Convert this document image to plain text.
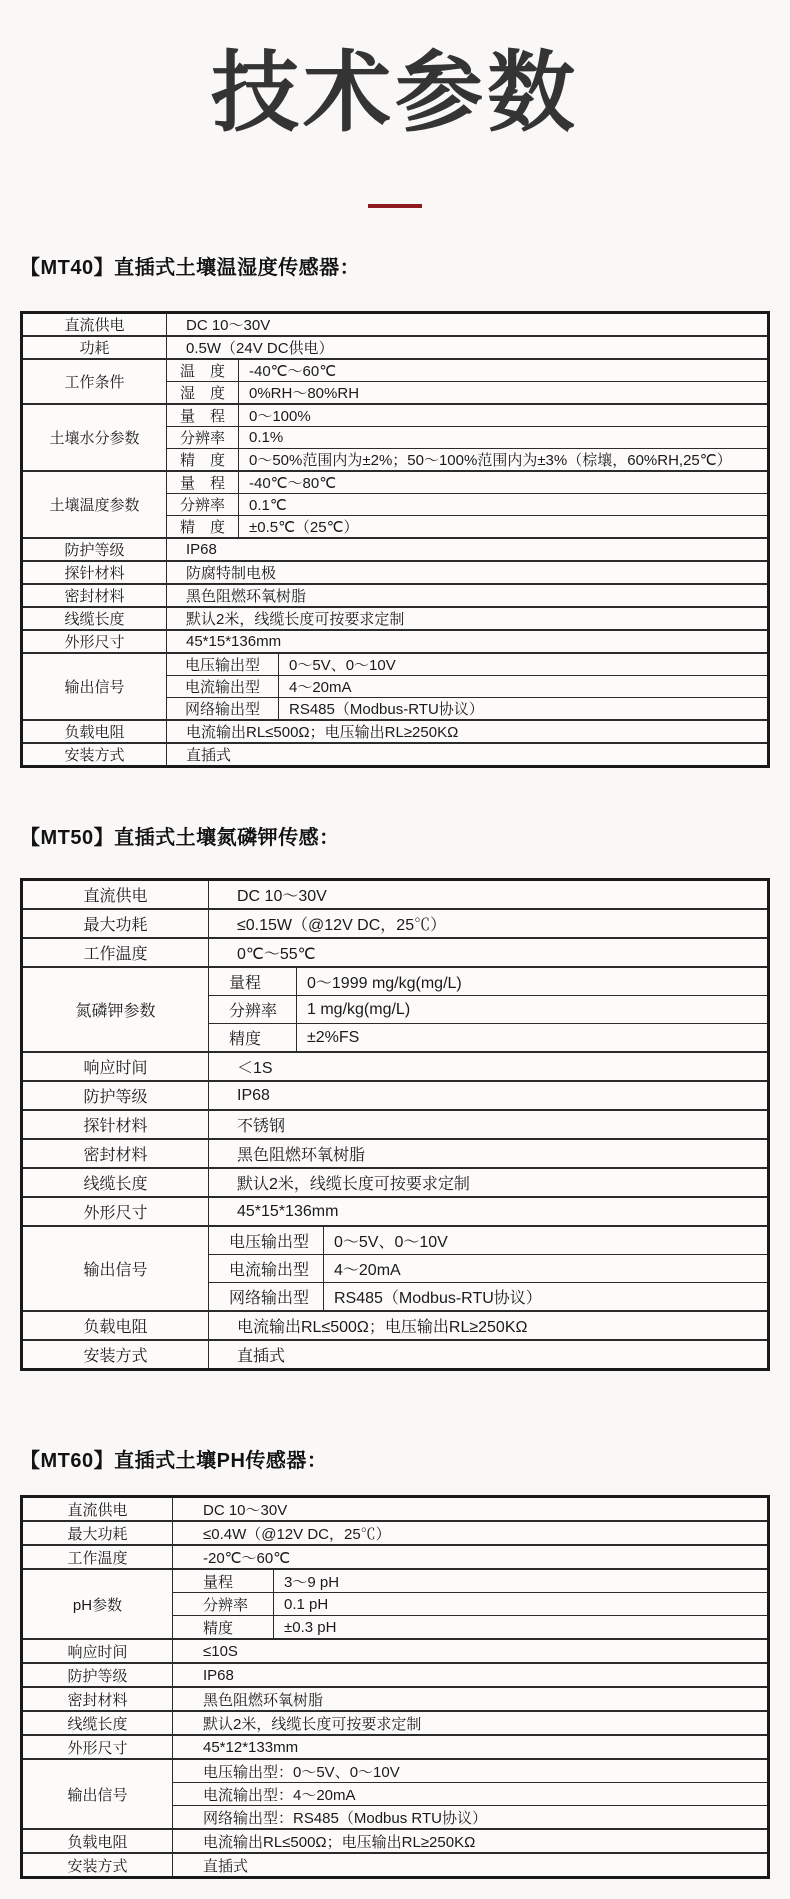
技术参数
【MT40】直插式土壤温湿度传感器：
直流供电	DC 10～30V		
功耗	0.5W（24V DC供电）		
工作条件	温　度	-40℃～60℃	
	湿　度	0%RH～80%RH	
土壤水分参数	量　程	0～100%	
	分辨率	0.1%	
	精　度	0～50%范围内为±2%；50～100%范围内为±3%（棕壤，60%RH,25℃）	
土壤温度参数	量　程	-40℃～80℃	
	分辨率	0.1℃	
	精　度	±0.5℃（25℃）	
防护等级	IP68		
探针材料	防腐特制电极		
密封材料	黑色阻燃环氧树脂		
线缆长度	默认2米，线缆长度可按要求定制		
外形尺寸	45*15*136mm		
输出信号	电压输出型		0～5V、0～10V
	电流输出型		4～20mA
	网络输出型		RS485（Modbus-RTU协议）
负载电阻	电流输出RL≤500Ω；电压输出RL≥250KΩ		
安装方式	直插式		
【MT50】直插式土壤氮磷钾传感：
直流供电	DC 10～30V		
最大功耗	≤0.15W（@12V DC，25℃）		
工作温度	0℃～55℃		
氮磷钾参数	量程	0～1999 mg/kg(mg/L)	
	分辨率	1 mg/kg(mg/L)	
	精度	±2%FS	
响应时间	＜1S		
防护等级	IP68		
探针材料	不锈钢		
密封材料	黑色阻燃环氧树脂		
线缆长度	默认2米，线缆长度可按要求定制		
外形尺寸	45*15*136mm		
输出信号	电压输出型		0～5V、0～10V
	电流输出型		4～20mA
	网络输出型		RS485（Modbus-RTU协议）
负载电阻	电流输出RL≤500Ω；电压输出RL≥250KΩ		
安装方式	直插式		
【MT60】直插式土壤PH传感器：
直流供电	DC 10～30V	
最大功耗	≤0.4W（@12V DC，25℃）	
工作温度	-20℃～60℃	
pH参数	量程	3～9 pH
	分辨率	0.1 pH
	精度	±0.3 pH
响应时间	≤10S	
防护等级	IP68	
密封材料	黑色阻燃环氧树脂	
线缆长度	默认2米，线缆长度可按要求定制	
外形尺寸	45*12*133mm	
输出信号	电压输出型：0～5V、0～10V	
	电流输出型：4～20mA	
	网络输出型：RS485（Modbus RTU协议）	
负载电阻	电流输出RL≤500Ω；电压输出RL≥250KΩ	
安装方式	直插式	
